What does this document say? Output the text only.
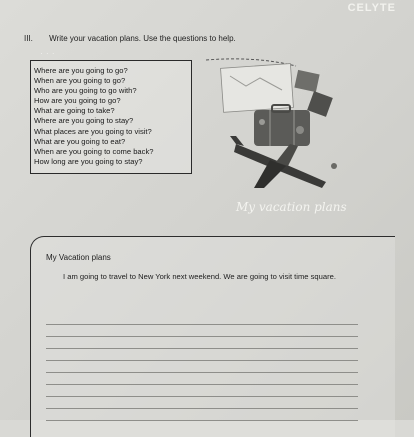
· · ·
CELYTE
III. Write your vacation plans. Use the questions to help.
Where are you going to go?
When are you going to go?
Who are you going to go with?
How are you going to go?
What are going to take?
Where are you going to stay?
What places are you going to visit?
What are you going to eat?
When are you going to come back?
How long are you going to stay?
My vacation plans
My Vacation plans
I am going to travel to New York next weekend. We are going to visit time square.
